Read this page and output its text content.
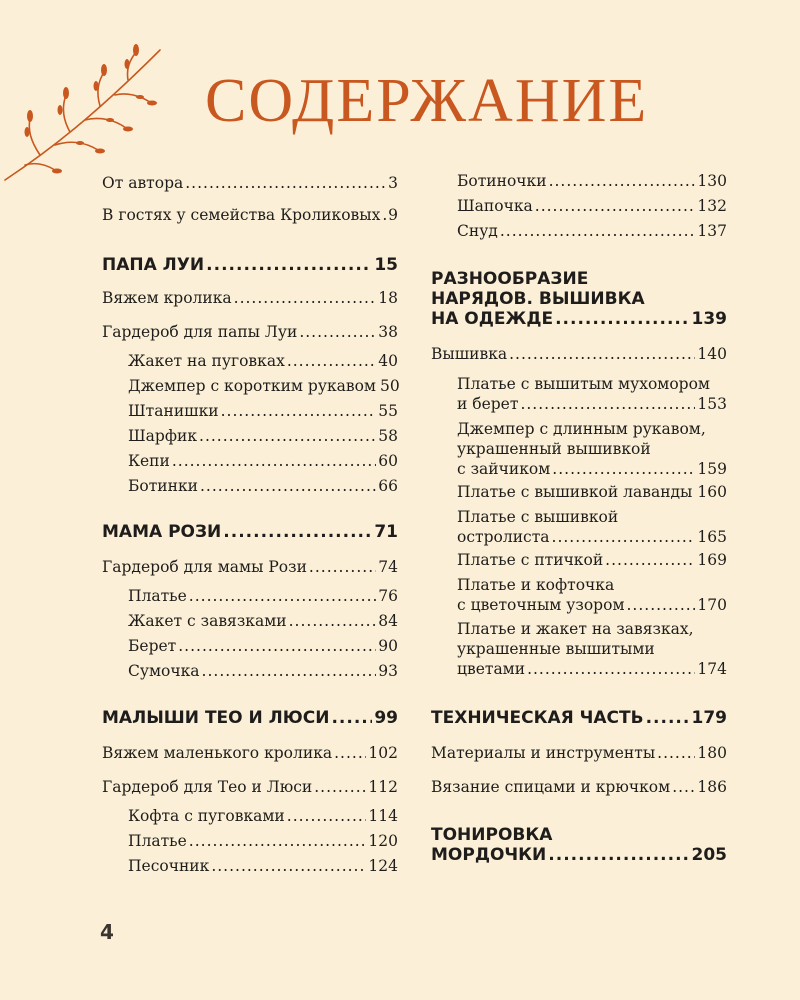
СОДЕРЖАНИЕ
От автора .....	3
В гостях у семейства Кроликовых ..... 9
ПАПА ЛУИ .....	15
Вяжем кролика .....	18
Гардероб для папы Луи .....	38
Жакет на пуговках .....	40
Джемпер с коротким рукавом 50
Штанишки .....	55
Шарфик .....	58
Кепи .....	60
Ботинки .....	66
МАМА РОЗИ .....	71
Гардероб для мамы Рози .....	74
Платье .....	76
Жакет с завязками .....	84
Берет .....	90
Сумочка .....	93
МАЛЫШИ ТЕО И ЛЮСИ .....	99
Вяжем маленького кролика ..... 102
Гардероб для Тео и Люси .....	112
Кофта с пуговками .....	114
Платье .....	120
Песочник .....	124
Ботиночки .....	130
Шапочка .....	132
Снуд .....	137
РАЗНООБРАЗИЕ
НАРЯДОВ. ВЫШИВКА
НА ОДЕЖДЕ .....	139
Вышивка .....	140
Платье с вышитым мухомором
и берет .....	153
Джемпер с длинным рукавом,
украшенный вышивкой
с зайчиком .....	159
Платье с вышивкой лаванды ..... 160
Платье с вышивкой
остролиста .....	165
Платье с птичкой .....	169
Платье и кофточка
с цветочным узором .....	170
Платье и жакет на завязках,
украшенные вышитыми
цветами .....	174
ТЕХНИЧЕСКАЯ ЧАСТЬ .....	179
Материалы и инструменты .....	180
Вязание спицами и крючком ..... 186
ТОНИРОВКА
МОРДОЧКИ .....	205
4
